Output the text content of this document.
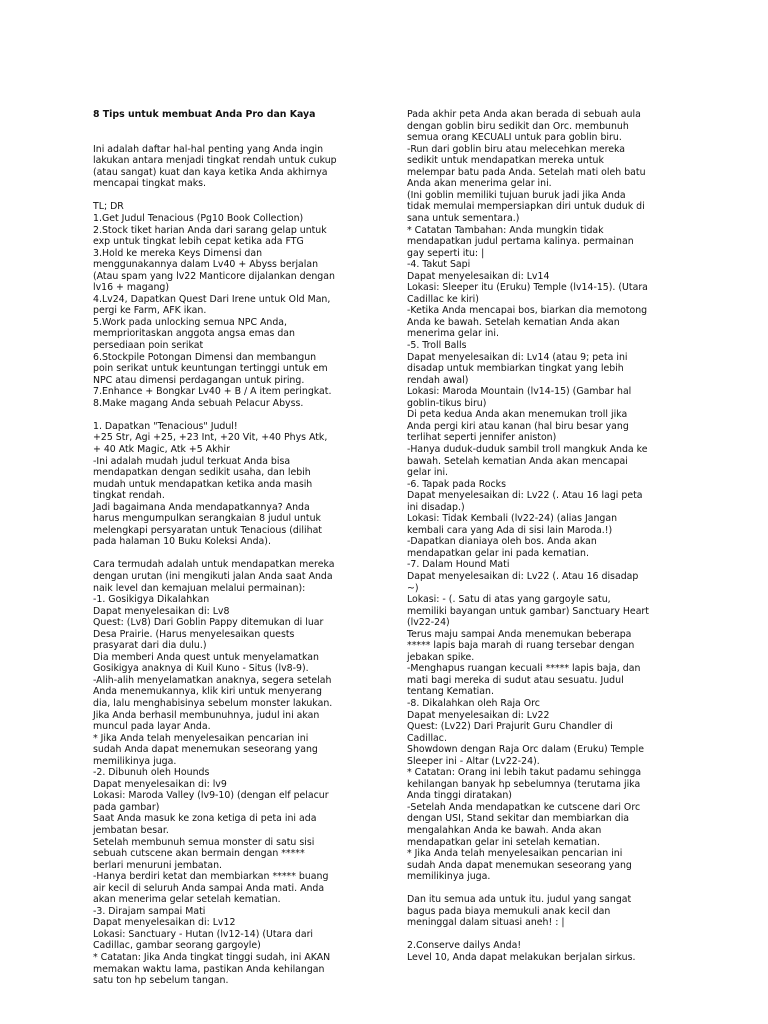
8 Tips untuk membuat Anda Pro dan Kaya

Ini adalah daftar hal-hal penting yang Anda ingin
lakukan antara menjadi tingkat rendah untuk cukup
(atau sangat) kuat dan kaya ketika Anda akhirnya
mencapai tingkat maks.
TL; DR
1.Get Judul Tenacious (Pg10 Book Collection)
2.Stock tiket harian Anda dari sarang gelap untuk
exp untuk tingkat lebih cepat ketika ada FTG
3.Hold ke mereka Keys Dimensi dan
menggunakannya dalam Lv40 + Abyss berjalan
(Atau spam yang lv22 Manticore dijalankan dengan
lv16 + magang)
4.Lv24, Dapatkan Quest Dari Irene untuk Old Man,
pergi ke Farm, AFK ikan.
5.Work pada unlocking semua NPC Anda,
memprioritaskan anggota angsa emas dan
persediaan poin serikat
6.Stockpile Potongan Dimensi dan membangun
poin serikat untuk keuntungan tertinggi untuk em
NPC atau dimensi perdagangan untuk piring.
7.Enhance + Bongkar Lv40 + B / A item peringkat.
8.Make magang Anda sebuah Pelacur Abyss.
1. Dapatkan "Tenacious" Judul!
+25 Str, Agi +25, +23 Int, +20 Vit, +40 Phys Atk,
+ 40 Atk Magic, Atk +5 Akhir
-Ini adalah mudah judul terkuat Anda bisa
mendapatkan dengan sedikit usaha, dan lebih
mudah untuk mendapatkan ketika anda masih
tingkat rendah.
Jadi bagaimana Anda mendapatkannya? Anda
harus mengumpulkan serangkaian 8 judul untuk
melengkapi persyaratan untuk Tenacious (dilihat
pada halaman 10 Buku Koleksi Anda).
Cara termudah adalah untuk mendapatkan mereka
dengan urutan (ini mengikuti jalan Anda saat Anda
naik level dan kemajuan melalui permainan):
-1. Gosikigya Dikalahkan
Dapat menyelesaikan di: Lv8
Quest: (Lv8) Dari Goblin Pappy ditemukan di luar
Desa Prairie. (Harus menyelesaikan quests
prasyarat dari dia dulu.)
Dia memberi Anda quest untuk menyelamatkan
Gosikigya anaknya di Kuil Kuno - Situs (lv8-9).
-Alih-alih menyelamatkan anaknya, segera setelah
Anda menemukannya, klik kiri untuk menyerang
dia, lalu menghabisinya sebelum monster lakukan.
Jika Anda berhasil membunuhnya, judul ini akan
muncul pada layar Anda.
* Jika Anda telah menyelesaikan pencarian ini
sudah Anda dapat menemukan seseorang yang
memilikinya juga.
-2. Dibunuh oleh Hounds
Dapat menyelesaikan di: lv9
Lokasi: Maroda Valley (lv9-10) (dengan elf pelacur
pada gambar)
Saat Anda masuk ke zona ketiga di peta ini ada
jembatan besar.
Setelah membunuh semua monster di satu sisi
sebuah cutscene akan bermain dengan *****
berlari menuruni jembatan.
-Hanya berdiri ketat dan membiarkan ***** buang
air kecil di seluruh Anda sampai Anda mati. Anda
akan menerima gelar setelah kematian.
-3. Dirajam sampai Mati
Dapat menyelesaikan di: Lv12
Lokasi: Sanctuary - Hutan (lv12-14) (Utara dari
Cadillac, gambar seorang gargoyle)
* Catatan: Jika Anda tingkat tinggi sudah, ini AKAN
memakan waktu lama, pastikan Anda kehilangan
satu ton hp sebelum tangan.

Pada akhir peta Anda akan berada di sebuah aula
dengan goblin biru sedikit dan Orc. membunuh
semua orang KECUALI untuk para goblin biru.
-Run dari goblin biru atau melecehkan mereka
sedikit untuk mendapatkan mereka untuk
melempar batu pada Anda. Setelah mati oleh batu
Anda akan menerima gelar ini.
(Ini goblin memiliki tujuan buruk jadi jika Anda
tidak memulai mempersiapkan diri untuk duduk di
sana untuk sementara.)
* Catatan Tambahan: Anda mungkin tidak
mendapatkan judul pertama kalinya. permainan
gay seperti itu: |
-4. Takut Sapi
Dapat menyelesaikan di: Lv14
Lokasi: Sleeper itu (Eruku) Temple (lv14-15). (Utara
Cadillac ke kiri)
-Ketika Anda mencapai bos, biarkan dia memotong
Anda ke bawah. Setelah kematian Anda akan
menerima gelar ini.
-5. Troll Balls
Dapat menyelesaikan di: Lv14 (atau 9; peta ini
disadap untuk membiarkan tingkat yang lebih
rendah awal)
Lokasi: Maroda Mountain (lv14-15) (Gambar hal
goblin-tikus biru)
Di peta kedua Anda akan menemukan troll jika
Anda pergi kiri atau kanan (hal biru besar yang
terlihat seperti jennifer aniston)
-Hanya duduk-duduk sambil troll mangkuk Anda ke
bawah. Setelah kematian Anda akan mencapai
gelar ini.
-6. Tapak pada Rocks
Dapat menyelesaikan di: Lv22 (. Atau 16 lagi peta
ini disadap.)
Lokasi: Tidak Kembali (lv22-24) (alias Jangan
kembali cara yang Ada di sisi lain Maroda.!)
-Dapatkan dianiaya oleh bos. Anda akan
mendapatkan gelar ini pada kematian.
-7. Dalam Hound Mati
Dapat menyelesaikan di: Lv22 (. Atau 16 disadap
~)
Lokasi: - (. Satu di atas yang gargoyle satu,
memiliki bayangan untuk gambar) Sanctuary Heart
(lv22-24)
Terus maju sampai Anda menemukan beberapa
***** lapis baja marah di ruang tersebar dengan
jebakan spike.
-Menghapus ruangan kecuali ***** lapis baja, dan
mati bagi mereka di sudut atau sesuatu. Judul
tentang Kematian.
-8. Dikalahkan oleh Raja Orc
Dapat menyelesaikan di: Lv22
Quest: (Lv22) Dari Prajurit Guru Chandler di
Cadillac.
Showdown dengan Raja Orc dalam (Eruku) Temple
Sleeper ini - Altar (Lv22-24).
* Catatan: Orang ini lebih takut padamu sehingga
kehilangan banyak hp sebelumnya (terutama jika
Anda tinggi diratakan)
-Setelah Anda mendapatkan ke cutscene dari Orc
dengan USI, Stand sekitar dan membiarkan dia
mengalahkan Anda ke bawah. Anda akan
mendapatkan gelar ini setelah kematian.
* Jika Anda telah menyelesaikan pencarian ini
sudah Anda dapat menemukan seseorang yang
memilikinya juga.
Dan itu semua ada untuk itu. judul yang sangat
bagus pada biaya memukuli anak kecil dan
meninggal dalam situasi aneh! : |
2.Conserve dailys Anda!
Level 10, Anda dapat melakukan berjalan sirkus.
